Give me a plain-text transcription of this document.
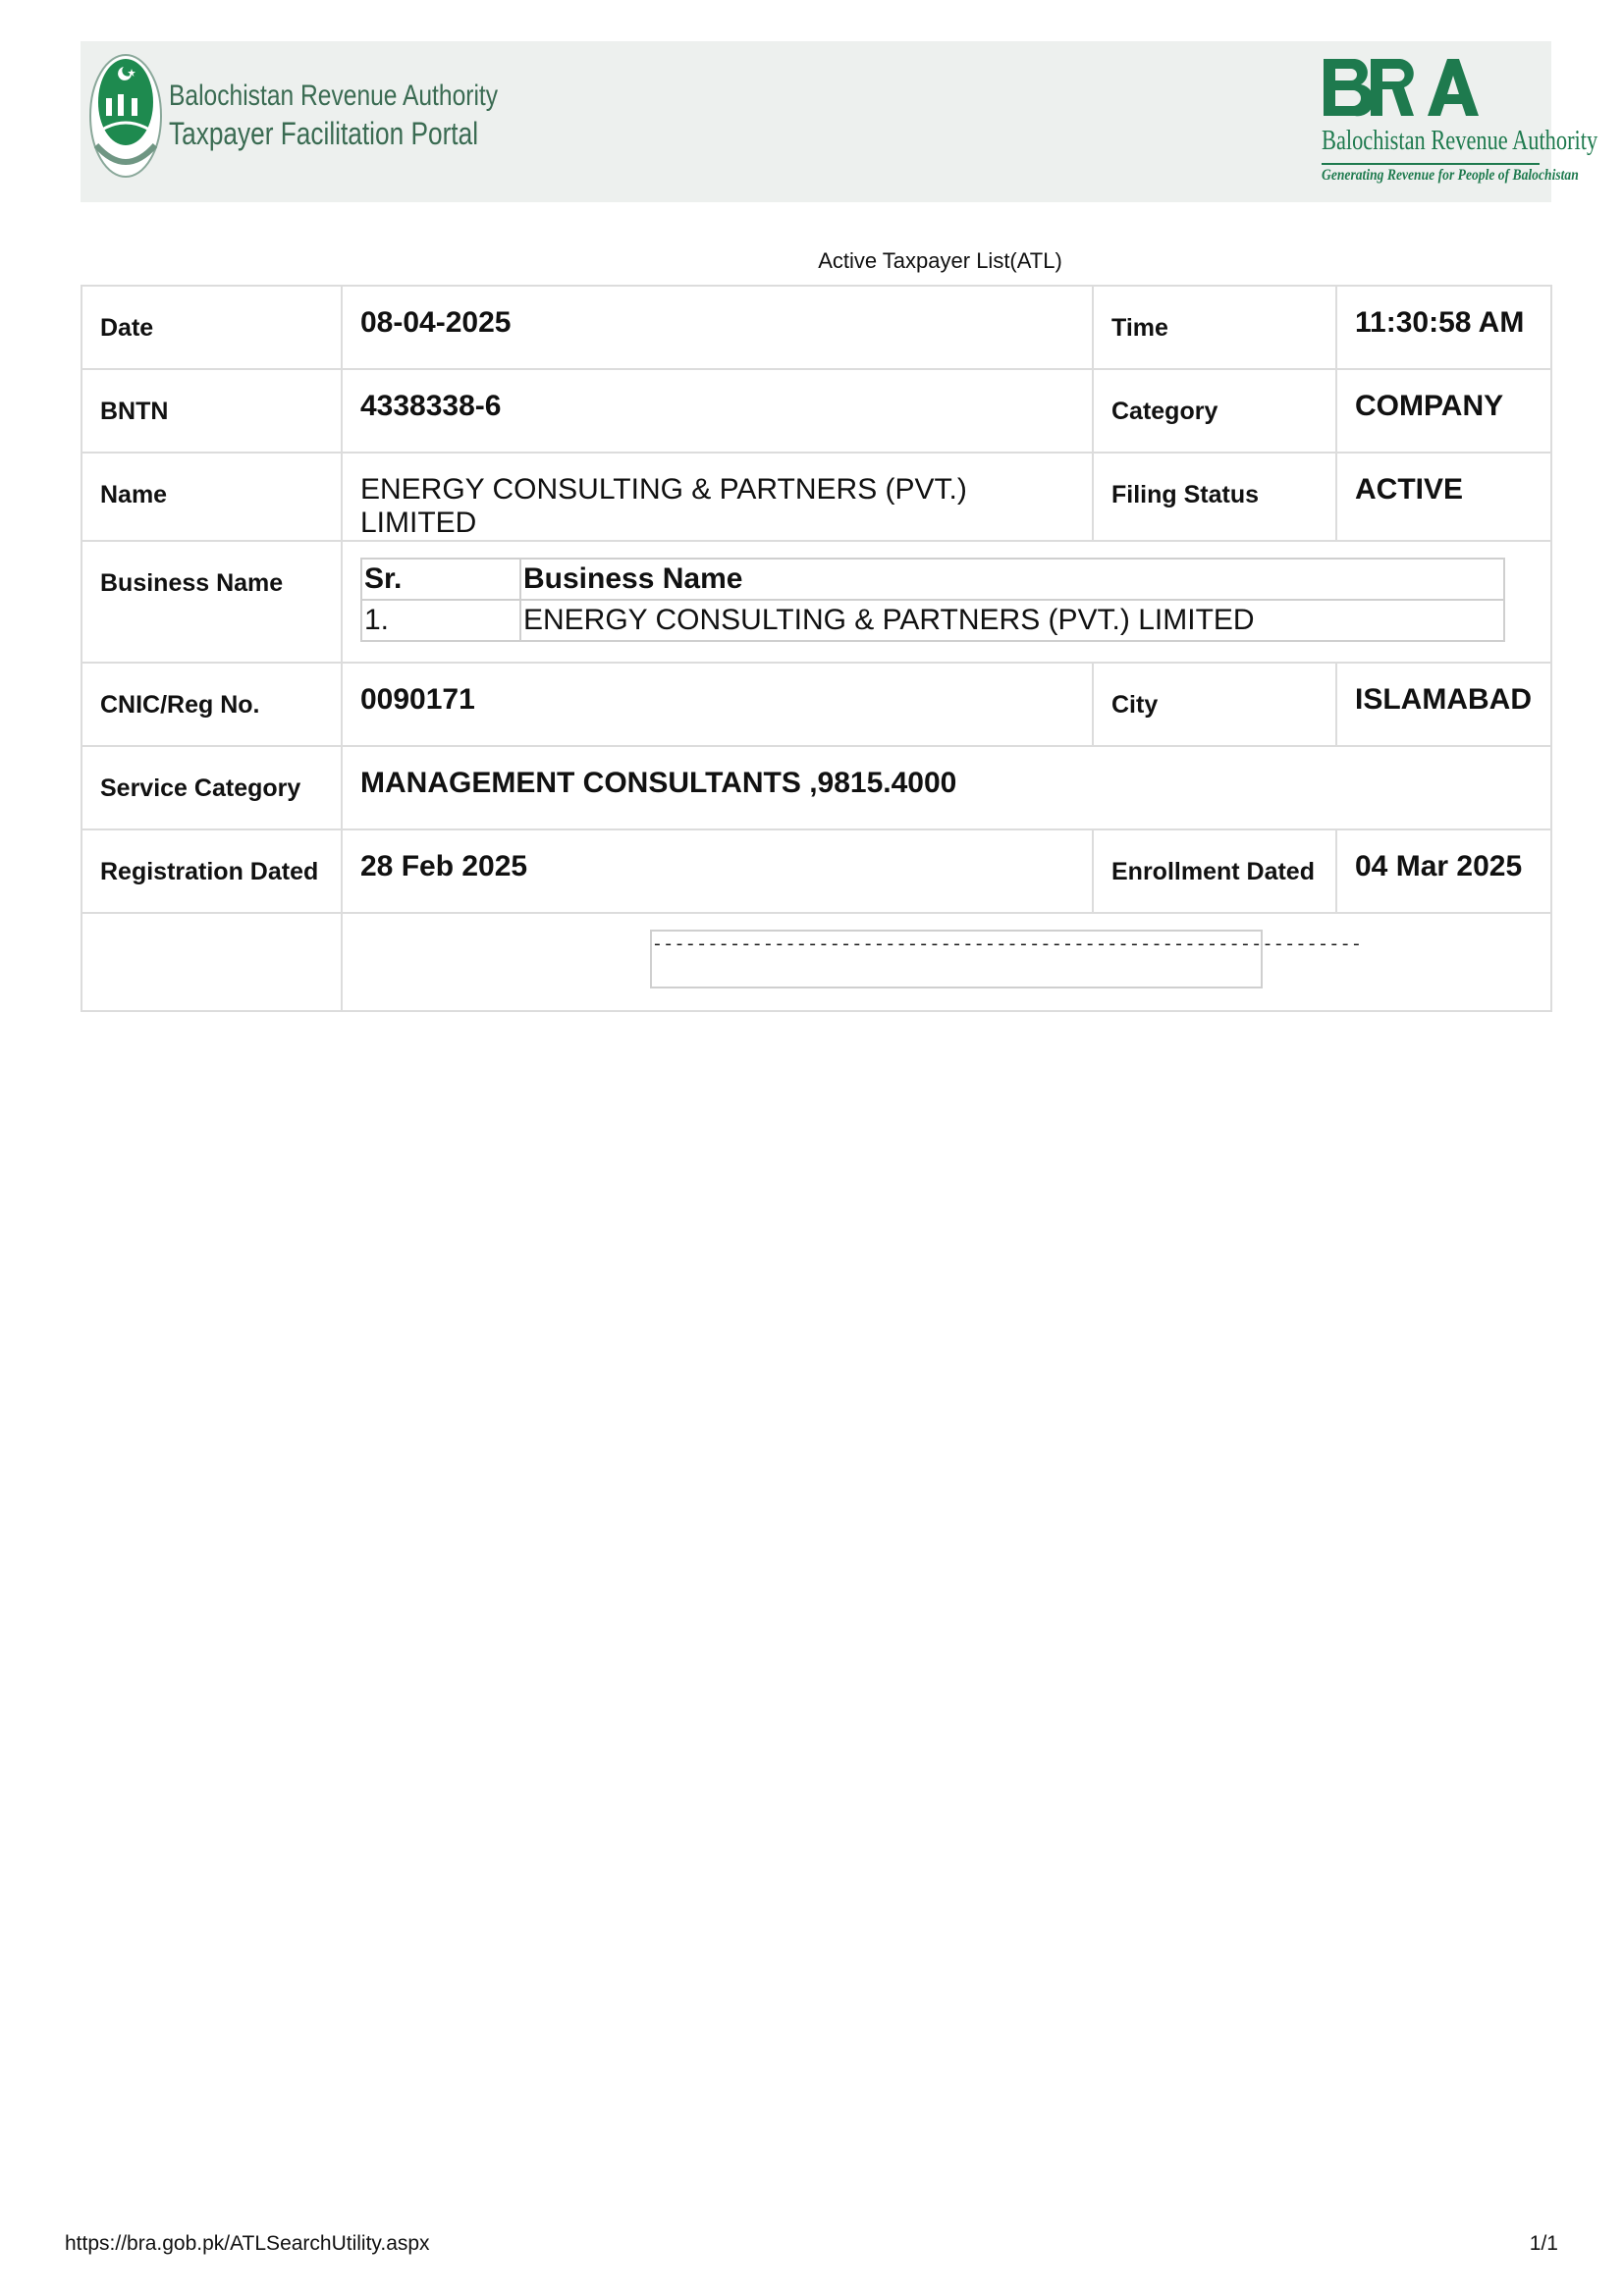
Balochistan Revenue Authority
Taxpayer Facilitation Portal	Balochistan Revenue Authority
Generating Revenue for People of Balochistan
Active Taxpayer List(ATL)
Date	08-04-2025	Time	11:30:58 AM
BNTN	4338338-6	Category	COMPANY
Name	ENERGY CONSULTING & PARTNERS (PVT.) LIMITED	Filing Status	ACTIVE
Business Name		Sr.	Business Name
1.	ENERGY CONSULTING & PARTNERS (PVT.) LIMITED

CNIC/Reg No.	0090171	City	ISLAMABAD
Service Category	MANAGEMENT CONSULTANTS ,9815.4000
Registration Dated	28 Feb 2025	Enrollment Dated	04 Mar 2025

----------------------------------------------------------------
https://bra.gob.pk/ATLSearchUtility.aspx	1/1
